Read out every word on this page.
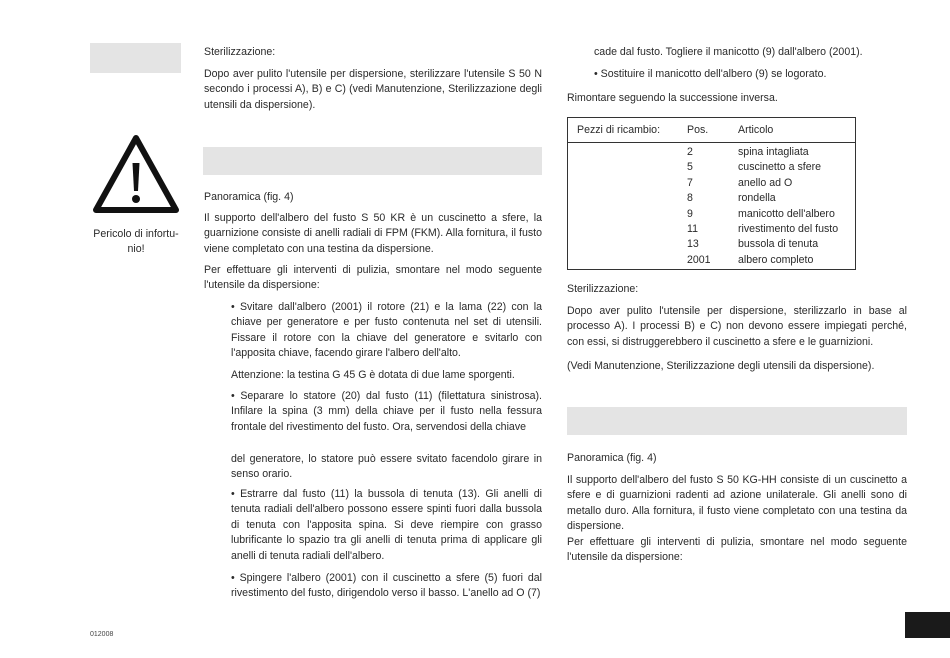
Pericolo di infortu-
nio!

Sterilizzazione:

Dopo aver pulito l'utensile per dispersione, sterilizzare l'utensile S 50 N secondo i processi A), B) e C) (vedi Manutenzione, Sterilizzazione degli utensili da dispersione).

Panoramica (fig. 4)

Il supporto dell'albero del fusto S 50 KR è un cuscinetto a sfere, la guarnizione consiste di anelli radiali di FPM (FKM). Alla fornitura, il fusto viene completato con una testina da dispersione.

Per effettuare gli interventi di pulizia, smontare nel modo seguente l'utensile da dispersione:

• Svitare dall'albero (2001) il rotore (21) e la lama (22) con la chiave per generatore e per fusto contenuta nel set di utensili. Fissare il rotore con la chiave del generatore e svitarlo con l'apposita chiave, facendo girare l'albero dell'alto.

Attenzione: la testina G 45 G è dotata di due lame sporgenti.

• Separare lo statore (20) dal fusto (11) (filettatura sinistrosa). Infilare la spina (3 mm) della chiave per il fusto nella fessura frontale del rivestimento del fusto. Ora, servendosi della chiave

del generatore, lo statore può essere svitato facendolo girare in senso orario.

• Estrarre dal fusto (11) la bussola di tenuta (13). Gli anelli di tenuta radiali dell'albero possono essere spinti fuori dalla bussola di tenuta con l'apposita spina. Si deve riempire con grasso lubrificante lo spazio tra gli anelli di tenuta prima di applicare gli anelli di tenuta radiali dell'albero.

• Spingere l'albero (2001) con il cuscinetto a sfere (5) fuori dal rivestimento del fusto, dirigendolo verso il basso. L'anello ad O (7)

012008

cade dal fusto. Togliere il manicotto (9) dall'albero (2001).

• Sostituire il manicotto dell'albero (9) se logorato.

Rimontare seguendo la successione inversa.

Pezzi di ricambio:	Pos.	Articolo
2	spina intagliata
5	cuscinetto a sfere
7	anello ad O
8	rondella
9	manicotto dell'albero
11	rivestimento del fusto
13	bussola di tenuta
2001	albero completo

Sterilizzazione:

Dopo aver pulito l'utensile per dispersione, sterilizzarlo in base al processo A). I processi B) e C) non devono essere impiegati perché, con essi, si distruggerebbero il cuscinetto a sfere e le guarnizioni.

(Vedi Manutenzione, Sterilizzazione degli utensili da dispersione).

Panoramica (fig. 4)

Il supporto dell'albero del fusto S 50 KG-HH consiste di un cuscinetto a sfere e di guarnizioni radenti ad azione unilaterale. Gli anelli sono di metallo duro. Alla fornitura, il fusto viene completato con una testina da dispersione.

Per effettuare gli interventi di pulizia, smontare nel modo seguente l'utensile da dispersione:
